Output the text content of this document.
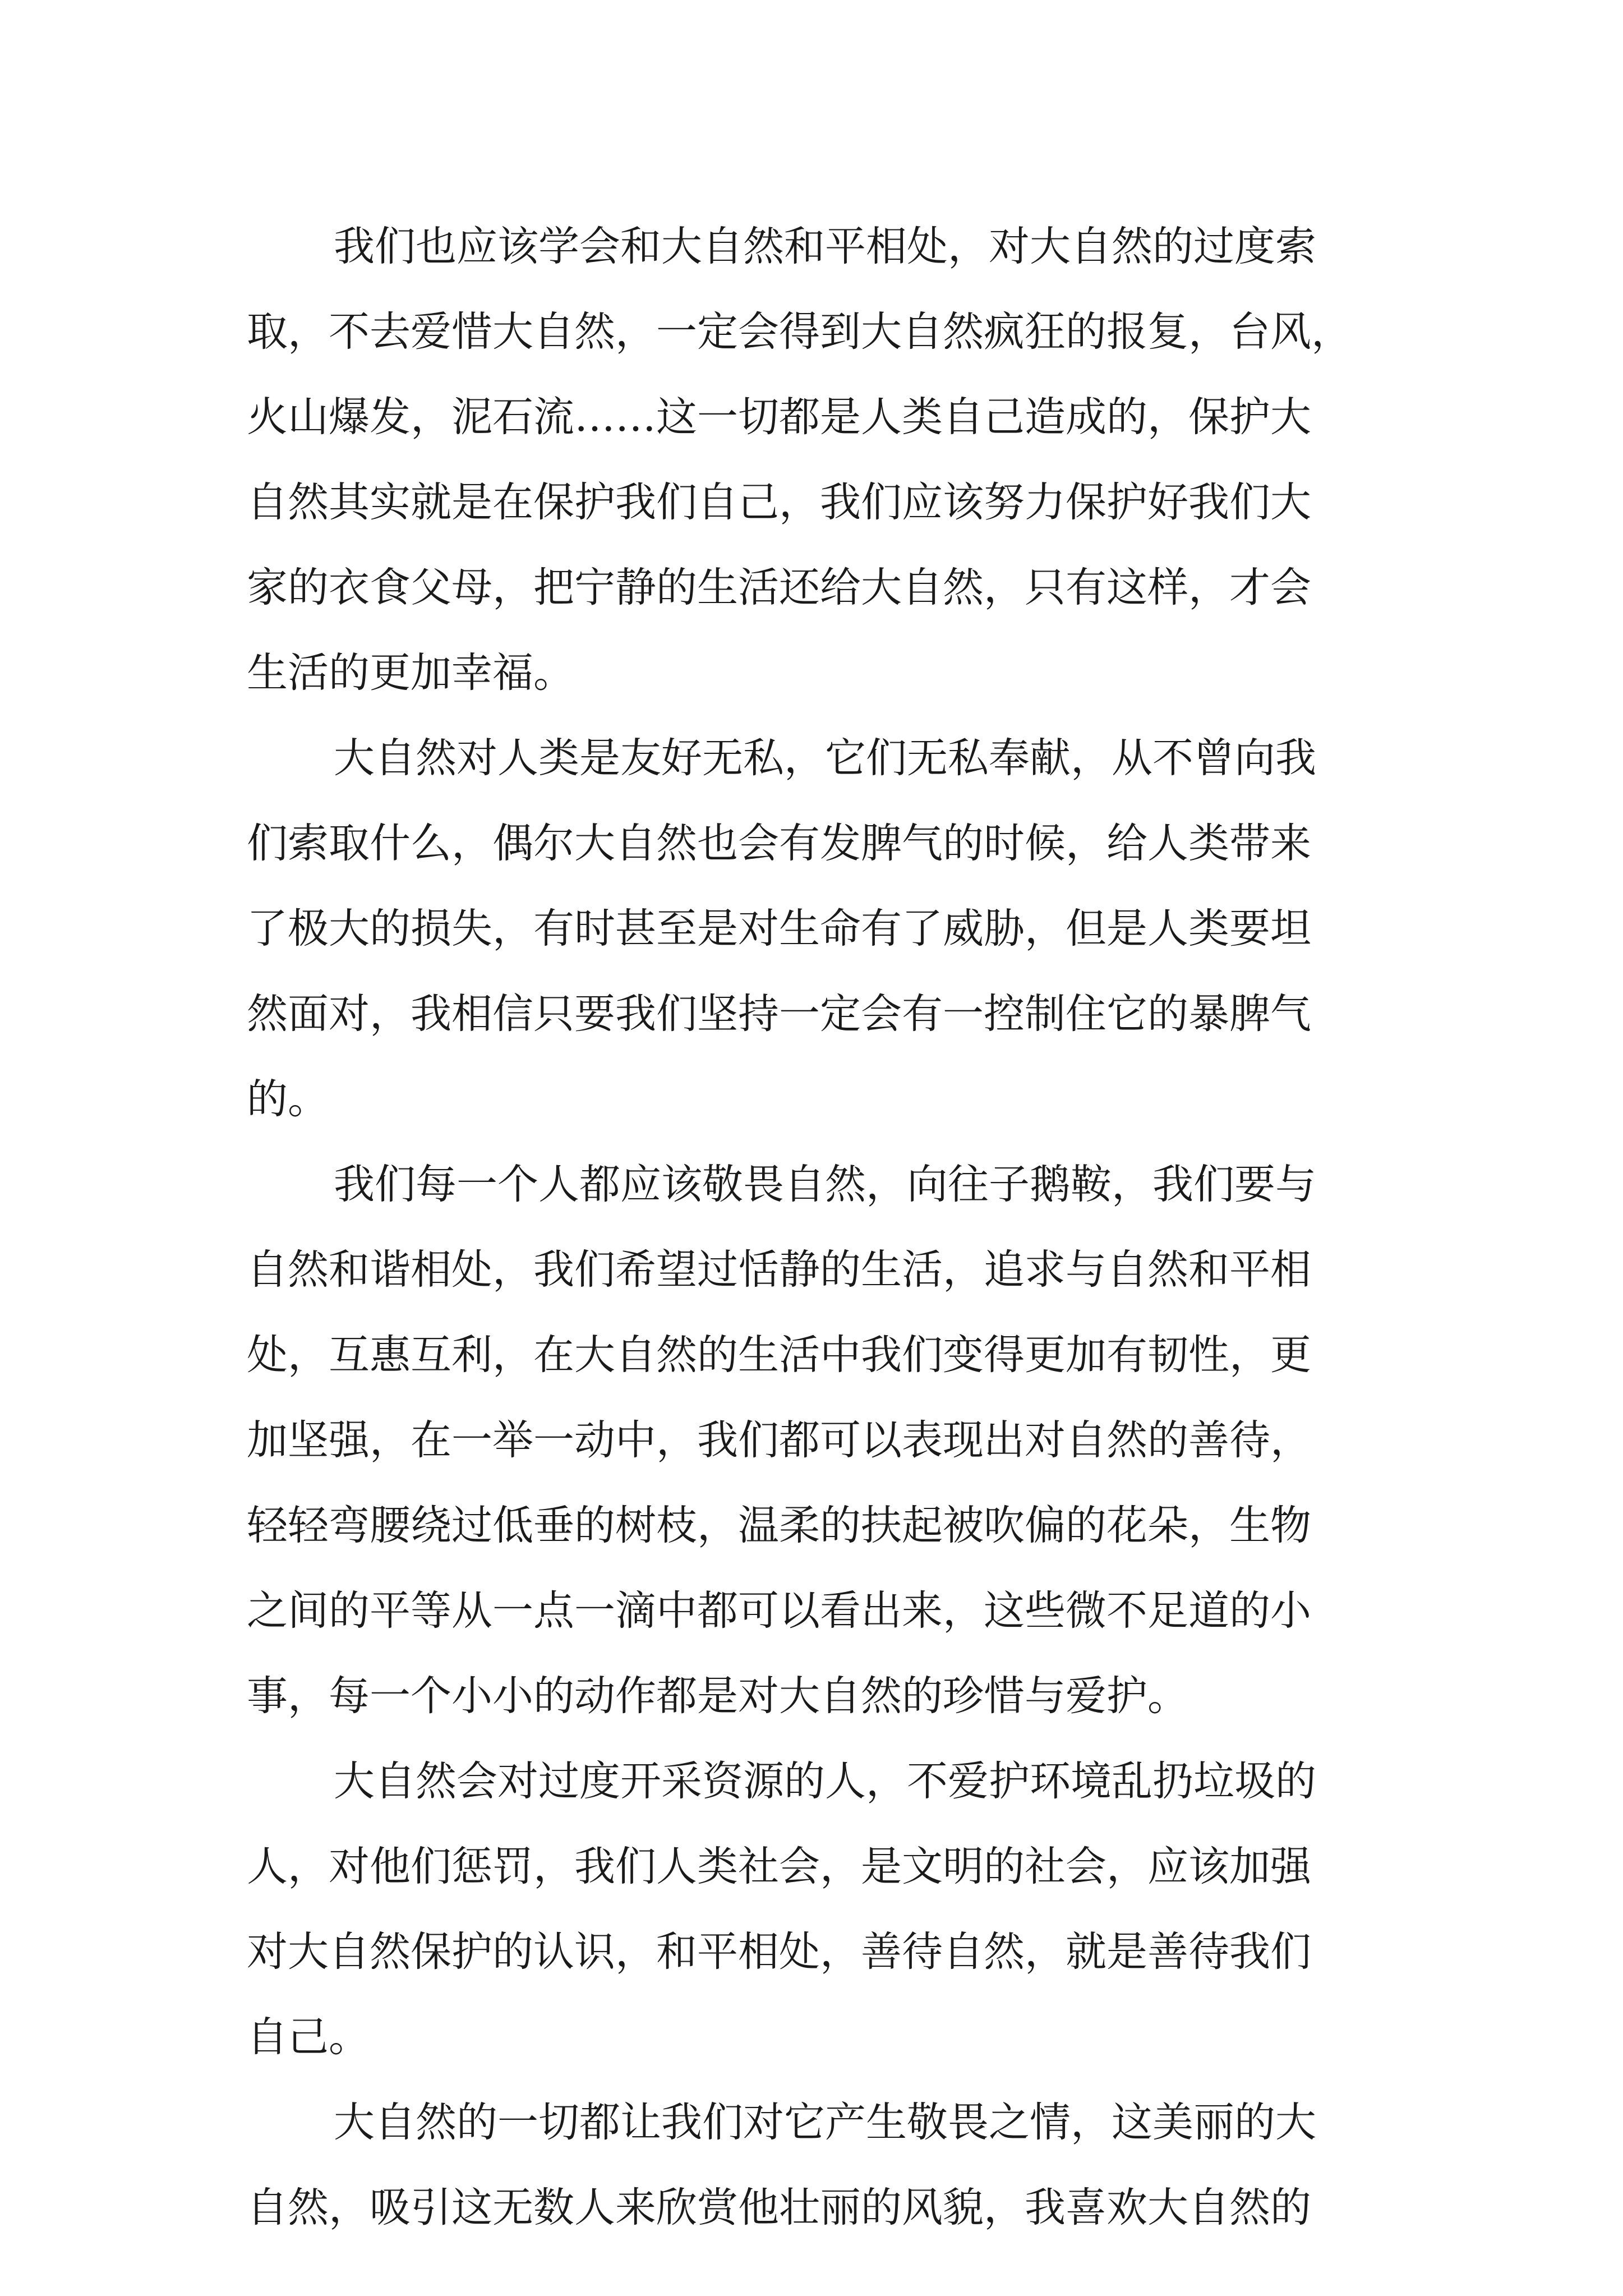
我们也应该学会和大自然和平相处，对大自然的过度索
取，不去爱惜大自然，一定会得到大自然疯狂的报复，台风，
火山爆发，泥石流……这一切都是人类自己造成的，保护大
自然其实就是在保护我们自己，我们应该努力保护好我们大
家的衣食父母，把宁静的生活还给大自然，只有这样，才会
生活的更加幸福。
大自然对人类是友好无私，它们无私奉献，从不曾向我
们索取什么，偶尔大自然也会有发脾气的时候，给人类带来
了极大的损失，有时甚至是对生命有了威胁，但是人类要坦
然面对，我相信只要我们坚持一定会有一控制住它的暴脾气
的。
我们每一个人都应该敬畏自然，向往子鹅鞍，我们要与
自然和谐相处，我们希望过恬静的生活，追求与自然和平相
处，互惠互利，在大自然的生活中我们变得更加有韧性，更
加坚强，在一举一动中，我们都可以表现出对自然的善待，
轻轻弯腰绕过低垂的树枝，温柔的扶起被吹偏的花朵，生物
之间的平等从一点一滴中都可以看出来，这些微不足道的小
事，每一个小小的动作都是对大自然的珍惜与爱护。
大自然会对过度开采资源的人，不爱护环境乱扔垃圾的
人，对他们惩罚，我们人类社会，是文明的社会，应该加强
对大自然保护的认识，和平相处，善待自然，就是善待我们
自己。
大自然的一切都让我们对它产生敬畏之情，这美丽的大
自然，吸引这无数人来欣赏他壮丽的风貌，我喜欢大自然的
